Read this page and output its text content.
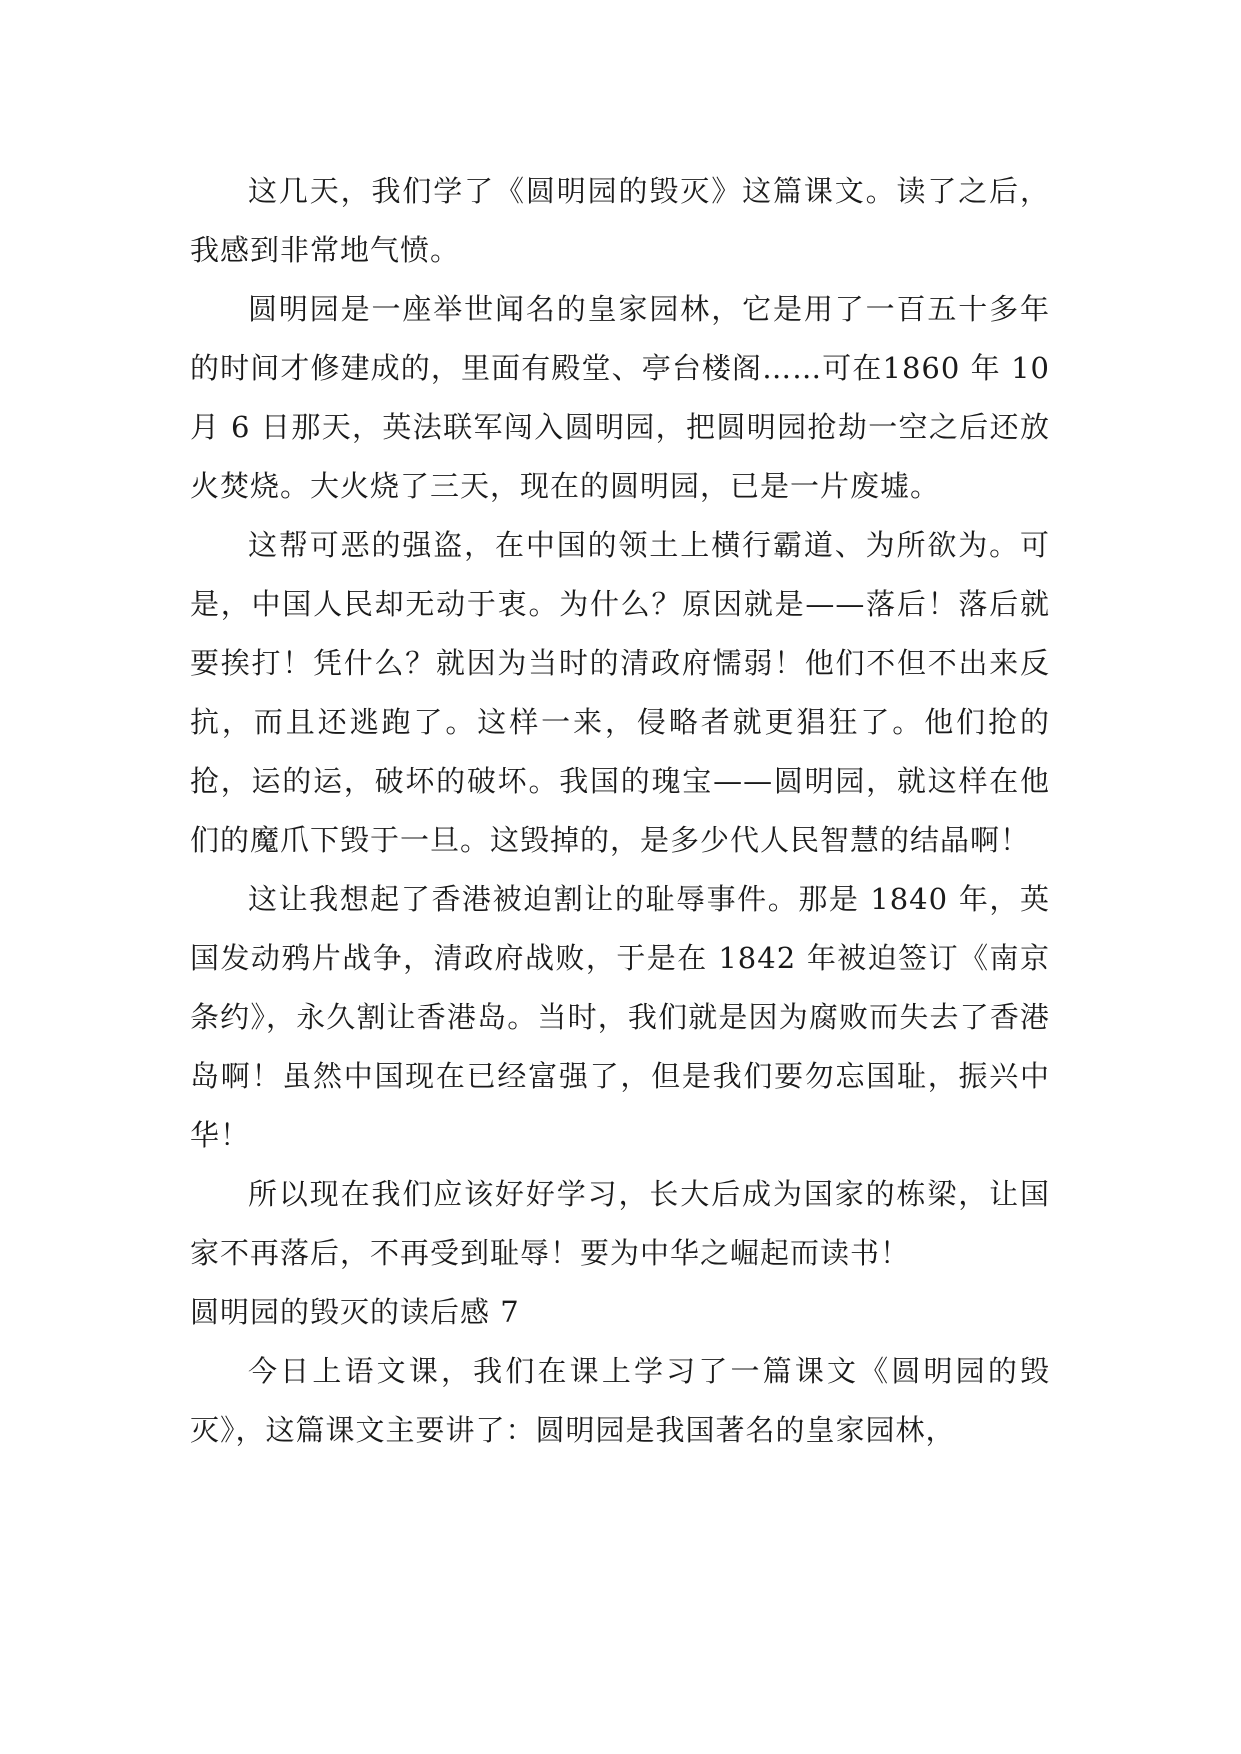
这几天，我们学了《圆明园的毁灭》这篇课文。读了之后，我感到非常地气愤。

圆明园是一座举世闻名的皇家园林，它是用了一百五十多年的时间才修建成的，里面有殿堂、亭台楼阁……可在1860 年 10 月 6 日那天，英法联军闯入圆明园，把圆明园抢劫一空之后还放火焚烧。大火烧了三天，现在的圆明园，已是一片废墟。

这帮可恶的强盗，在中国的领土上横行霸道、为所欲为。可是，中国人民却无动于衷。为什么？原因就是——落后！落后就要挨打！凭什么？就因为当时的清政府懦弱！他们不但不出来反抗，而且还逃跑了。这样一来，侵略者就更猖狂了。他们抢的抢，运的运，破坏的破坏。我国的瑰宝——圆明园，就这样在他们的魔爪下毁于一旦。这毁掉的，是多少代人民智慧的结晶啊！

这让我想起了香港被迫割让的耻辱事件。那是 1840 年，英国发动鸦片战争，清政府战败，于是在 1842 年被迫签订《南京条约》，永久割让香港岛。当时，我们就是因为腐败而失去了香港岛啊！虽然中国现在已经富强了，但是我们要勿忘国耻，振兴中华！

所以现在我们应该好好学习，长大后成为国家的栋梁，让国家不再落后，不再受到耻辱！要为中华之崛起而读书！

圆明园的毁灭的读后感 7

今日上语文课，我们在课上学习了一篇课文《圆明园的毁灭》，这篇课文主要讲了：圆明园是我国著名的皇家园林，
